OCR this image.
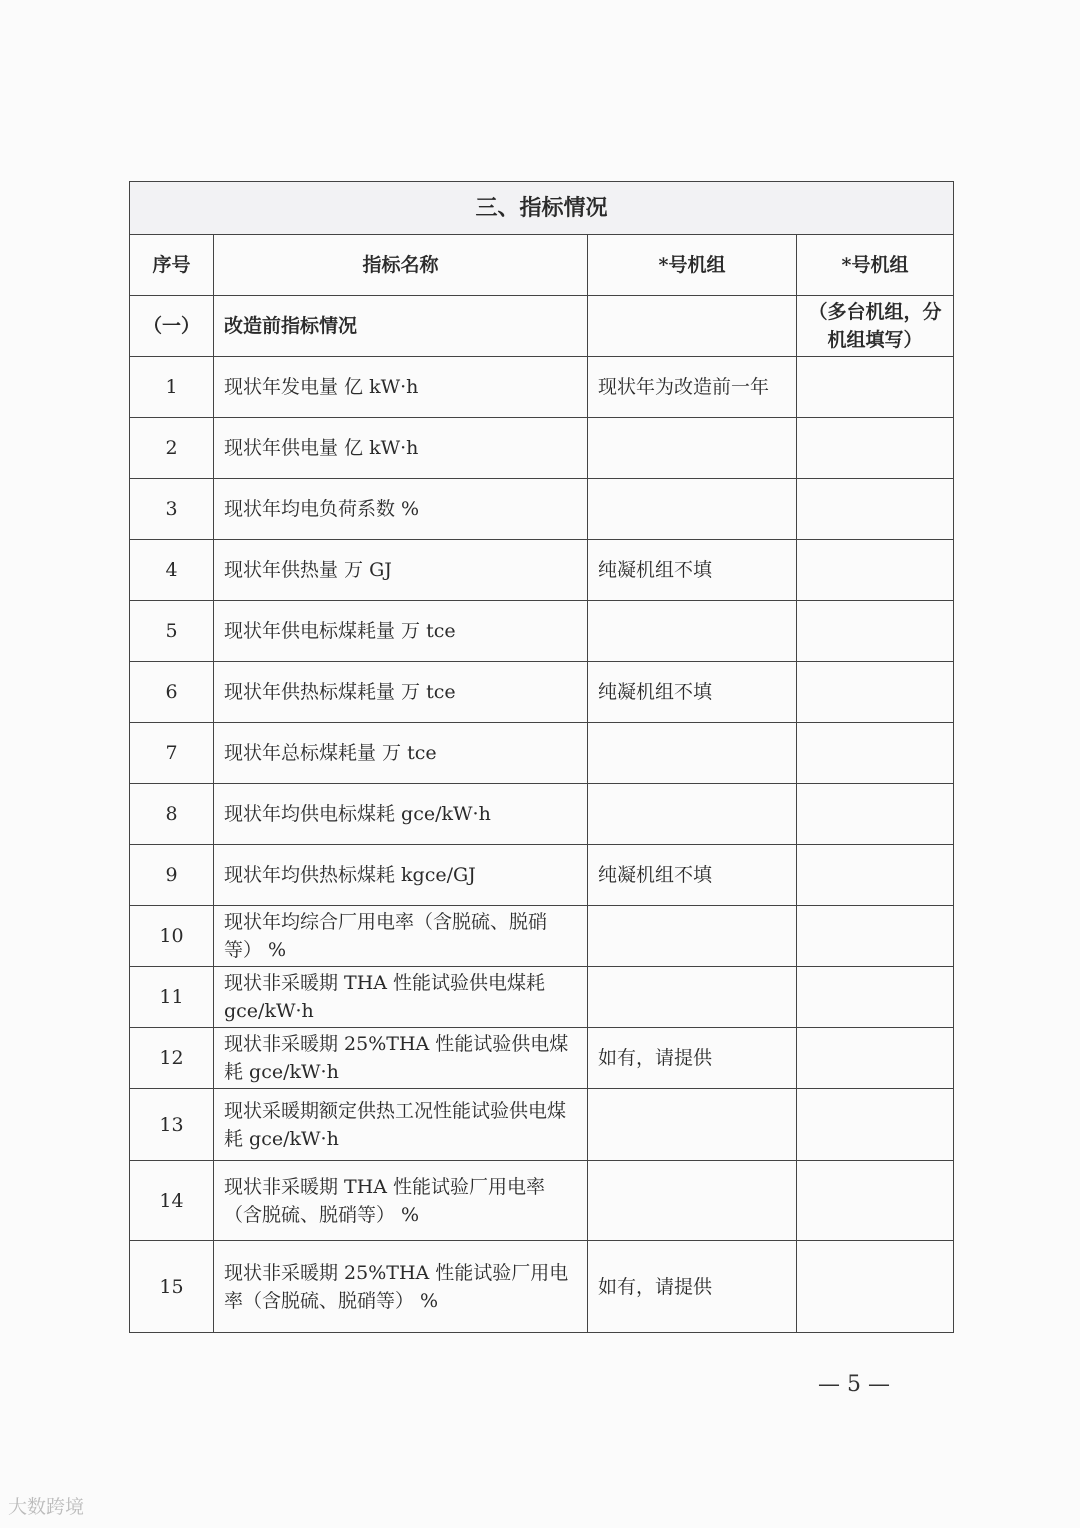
三、指标情况			
序号	指标名称	*号机组	*号机组
（一）	改造前指标情况		（多台机组，分机组填写）
1	现状年发电量 亿 kW·h	现状年为改造前一年	
2	现状年供电量 亿 kW·h		
3	现状年均电负荷系数 %		
4	现状年供热量 万 GJ	纯凝机组不填	
5	现状年供电标煤耗量 万 tce		
6	现状年供热标煤耗量 万 tce	纯凝机组不填	
7	现状年总标煤耗量 万 tce		
8	现状年均供电标煤耗 gce/kW·h		
9	现状年均供热标煤耗 kgce/GJ	纯凝机组不填	
10	现状年均综合厂用电率（含脱硫、脱硝等） %		
11	现状非采暖期 THA 性能试验供电煤耗 gce/kW·h		
12	现状非采暖期 25%THA 性能试验供电煤耗 gce/kW·h	如有，请提供	
13	现状采暖期额定供热工况性能试验供电煤耗 gce/kW·h		
14	现状非采暖期 THA 性能试验厂用电率（含脱硫、脱硝等） %		
15	现状非采暖期 25%THA 性能试验厂用电率（含脱硫、脱硝等） %	如有，请提供	
— 5 —
大数跨境
